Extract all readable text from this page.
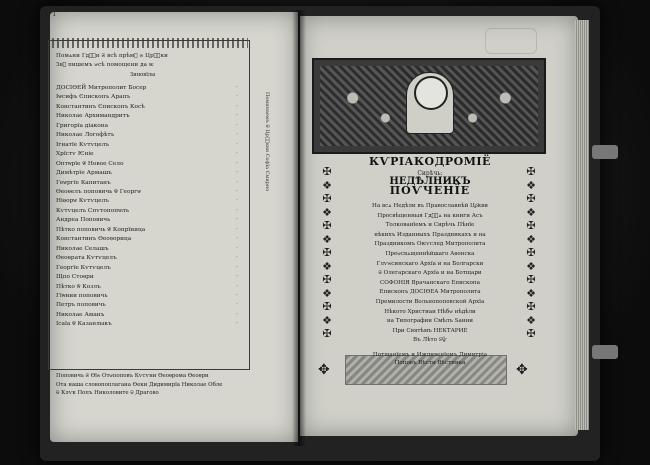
1
Помѧни Гдⷭ҇и ѿ всѣ прѣмⷣ ѡ Црⷭ҇ки
Звⷯ пишемъ ѡсѣ помощени да ѥ
Зиновїлы
ДОСІѲЕЙ Митрополит Босер	·
Іѡсифъ Єпископъ Арапъ	·
Константинъ Єпископъ Косѣ	·
Николае Архимандритъ	·
Григорїа діакона	·
Николае Логофѣтъ	·
Ігнатїе Кѵтѵцелъ	·
Хрїстѵ Ѥніе	·
Оптѡрїе ѿ Новое Село	·
Димѣтрїе Армашъ	·
Геѡргїе Капитанъ	·
Ѳеоѳелъ поповичь ѿ Георгѡ	·
Ніѳорѡ Кѵтѵцелъ	·
Кѵтѵцелъ Спѵтопопѡлъ	·
Андреа Поповичь	·
Пѣтко поповичь ѿ Копрїница	·
Константинъ Ѳеоѳорица	·
Николае Селашъ	·
Ѳеоѳрата Кѵтѵцелъ	·
Георгїе Кѵтѵцелъ	·
Щпо Стоѳри	·
Пѣтко ѿ Козлъ	·
Гїѡнии поповичь	·
Петръ поповичь	·
Николае Аманъ	·
Ісаїа ѿ Казанлыкъ	·
Поминаемъ ѿ Црⷭ҇кви Софїа Смирно
Поповичь ѿ Ѳїѡ Отѡпоповъ Кѵсѵни Ѳеоѳрома Ѳеоѳри
Ота наша словопоплагана Ѳеки Дидимирїа Николае Обле
ѿ Клѵк Попъ Николовите ѿ Драгово
КѴРІАКОДРОМІЁ
Сирѣчь:
НЕДѢЛНИКЪ
ПОѴЧЕНЇЕ
✠
❖
✠
❖
✠
❖
✠
❖
✠
❖
✠
❖
✠
✠
❖
✠
❖
✠
❖
✠
❖
✠
❖
✠
❖
✠
На всѧ Недѣли въ Православнѣй Цр҃кви
Просвѣщенныя Гдⷭ҇ѧ на книги Асъ
Толкованїемъ и Сирѣчь Пѣнїе
нѣкихъ Изданныхъ Праздникахъ и на
Праздникомъ Оѥѵслед Митрополита
Преѡсвѧщеннѣйшаго Аѳонска
Глѵѡсинскаго Архїа и на Болгарски
ѿ Олегарскаго Архїа и на Ботщари
СОФОНІЯ Врачанскаго Епископа
Епископъ ДОСІѲЕА Митрополита
Премилости Вольнопоповской Архїа
Нѣкото Христиан Нѣбѡ нѣдѣли
на Типографии Смѣлъ Ѕанни
При Святѣмъ НЕКТАРИЕ
Въ Лѣто Ѕ҃ѱ
✥	✥
Потщанїемъ и Иждивенїемъ Димитріа
Поповъ Вѣсти Вѣстника
